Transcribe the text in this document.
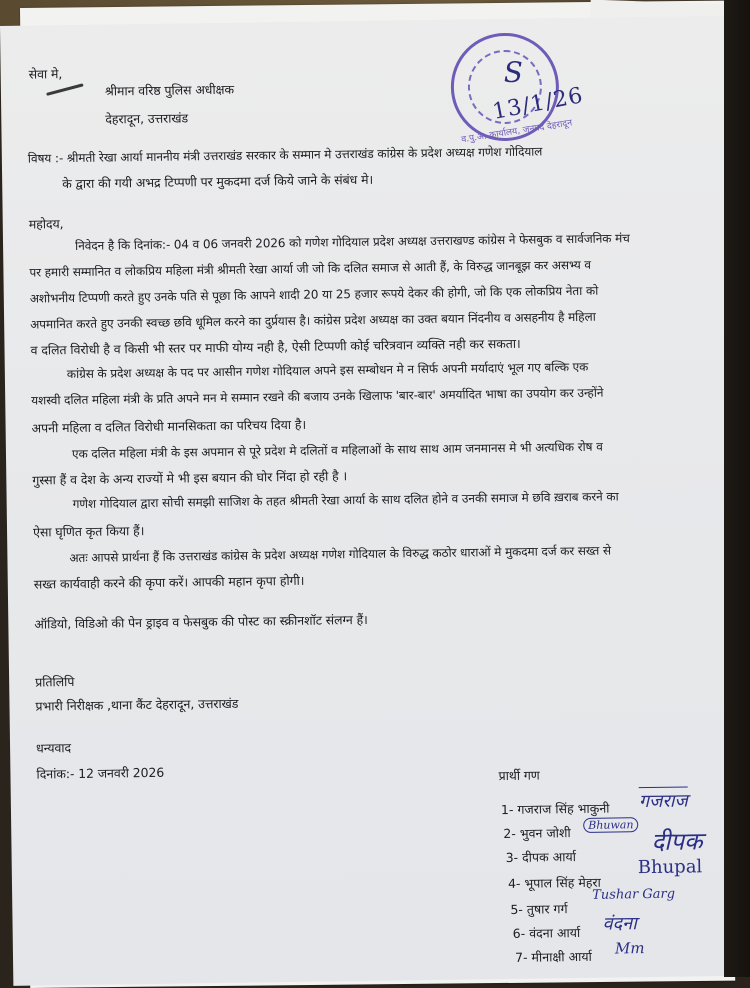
सेवा मे,
श्रीमान वरिष्ठ पुलिस अधीक्षक
देहरादून, उत्तराखंड
S
13/1/26
व.पु.अ. कार्यालय, जनपद देहरादून
विषय :- श्रीमती रेखा आर्या माननीय मंत्री उत्तराखंड सरकार के सम्मान मे उत्तराखंड कांग्रेस के प्रदेश अध्यक्ष गणेश गोदियाल
के द्वारा की गयी अभद्र टिप्पणी पर मुकदमा दर्ज किये जाने के संबंध मे।
महोदय,
निवेदन है कि दिनांक:- 04 व 06 जनवरी 2026 को गणेश गोदियाल प्रदेश अध्यक्ष उत्तराखण्ड कांग्रेस ने फेसबुक व सार्वजनिक मंच
पर हमारी सम्मानित व लोकप्रिय महिला मंत्री श्रीमती रेखा आर्या जी जो कि दलित समाज से आती हैं, के विरुद्ध जानबूझ कर असभ्य व
अशोभनीय टिप्पणी करते हुए उनके पति से पूछा कि आपने शादी 20 या 25 हजार रूपये देकर की होगी, जो कि एक लोकप्रिय नेता को
अपमानित करते हुए उनकी स्वच्छ छवि धूमिल करने का दुर्प्रयास है। कांग्रेस प्रदेश अध्यक्ष का उक्त बयान निंदनीय व असहनीय है महिला
व दलित विरोधी है व किसी भी स्तर पर माफी योग्य नही है, ऐसी टिप्पणी कोई चरित्रवान व्यक्ति नही कर सकता।
कांग्रेस के प्रदेश अध्यक्ष के पद पर आसीन गणेश गोदियाल अपने इस सम्बोधन मे न सिर्फ अपनी मर्यादाएं भूल गए बल्कि एक
यशस्वी दलित महिला मंत्री के प्रति अपने मन मे सम्मान रखने की बजाय उनके खिलाफ 'बार-बार' अमर्यादित भाषा का उपयोग कर उन्होंने
अपनी महिला व दलित विरोधी मानसिकता का परिचय दिया है।
एक दलित महिला मंत्री के इस अपमान से पूरे प्रदेश मे दलितों व महिलाओं के साथ साथ आम जनमानस मे भी अत्यधिक रोष व
गुस्सा हैं व देश के अन्य राज्यों मे भी इस बयान की घोर निंदा हो रही है ।
गणेश गोदियाल द्वारा सोची समझी साजिश के तहत श्रीमती रेखा आर्या के साथ दलित होने व उनकी समाज मे छवि ख़राब करने का
ऐसा घृणित कृत किया हैं।
अतः आपसे प्रार्थना हैं कि उत्तराखंड कांग्रेस के प्रदेश अध्यक्ष गणेश गोदियाल के विरुद्ध कठोर धाराओं मे मुकदमा दर्ज कर सख्त से
सख्त कार्यवाही करने की कृपा करें। आपकी महान कृपा होगी।
ऑडियो, विडिओ की पेन ड्राइव व फेसबुक की पोस्ट का स्क्रीनशॉट संलग्न हैं।
प्रतिलिपि
प्रभारी निरीक्षक ,थाना कैंट देहरादून, उत्तराखंड
धन्यवाद
दिनांक:- 12 जनवरी 2026	प्रार्थी गण
1- गजराज सिंह भाकुनी गजराज
2- भुवन जोशी
Bhuwan
3- दीपक आर्या
दीपक
4- भूपाल सिंह मेहरा
Bhupal
5- तुषार गर्ग
Tushar Garg
6- वंदना आर्या वंदना
7- मीनाक्षी आर्या Mm
